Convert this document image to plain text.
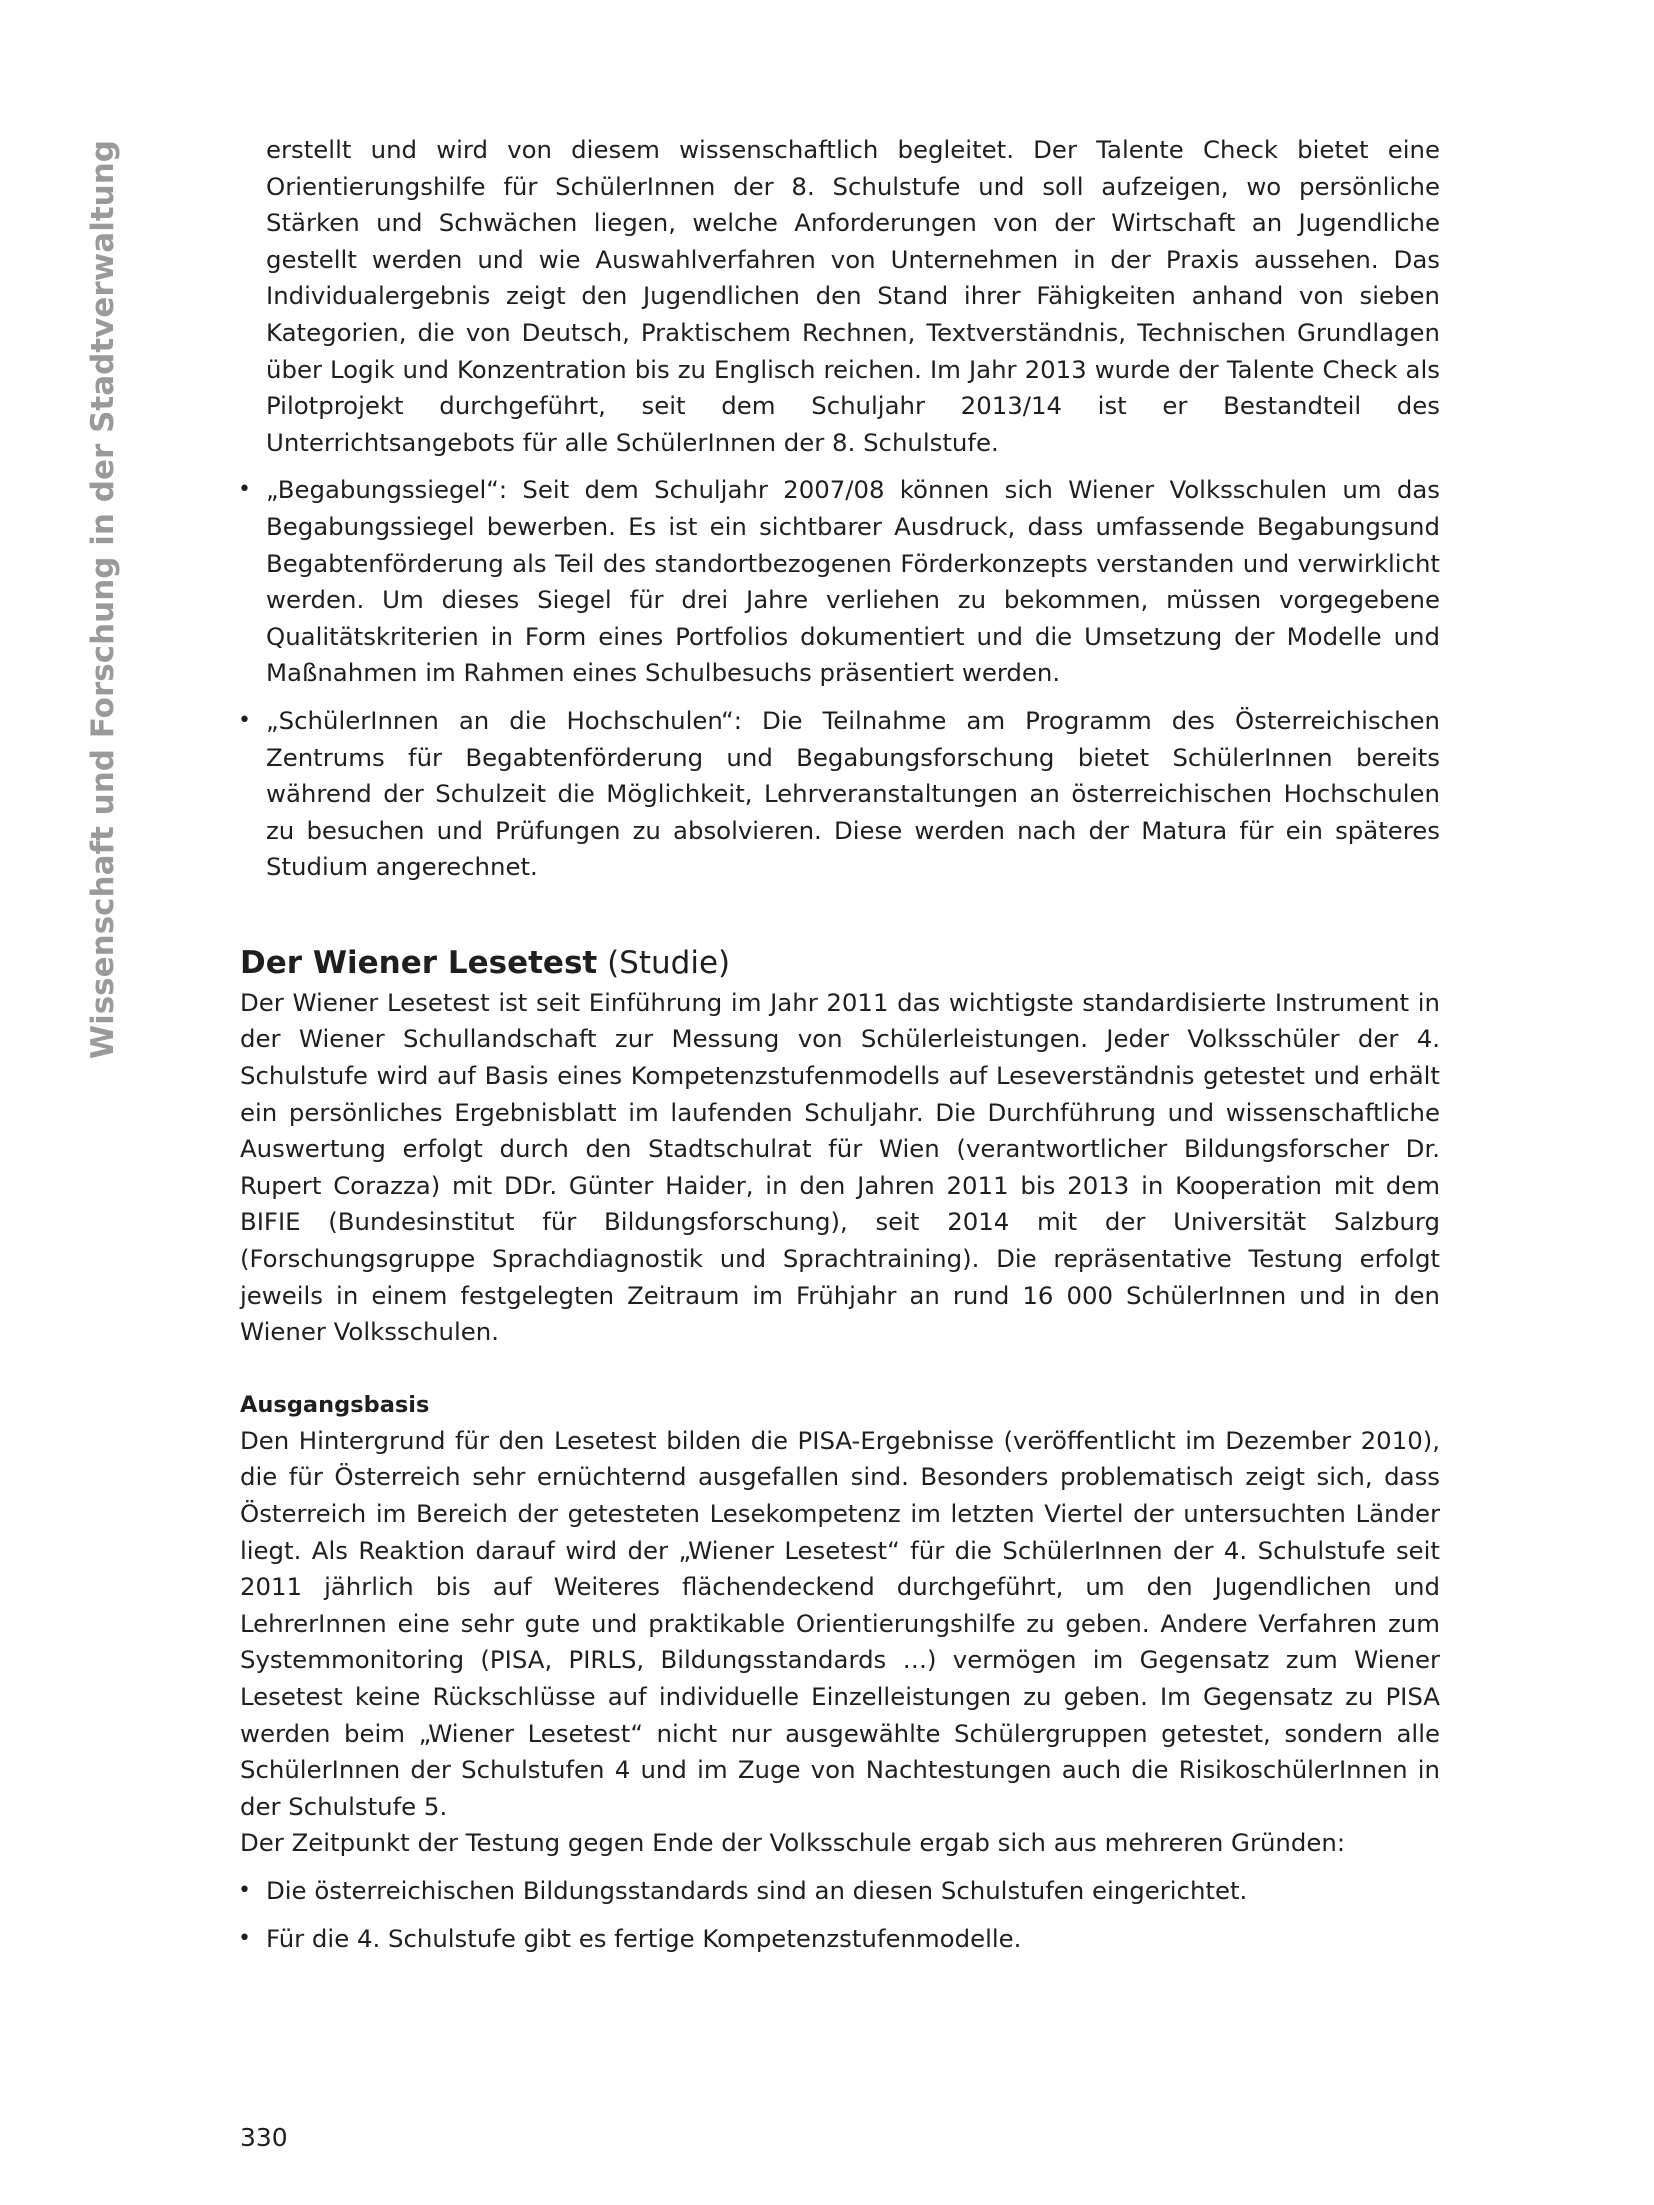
Wissenschaft und Forschung in der Stadtverwaltung	erstellt und wird von diesem wissenschaftlich begleitet. Der Talente Check bietet eine Orientierungshilfe für SchülerInnen der 8. Schulstufe und soll aufzeigen, wo persönliche Stärken und Schwächen liegen, welche Anforderungen von der Wirtschaft an Jugendliche gestellt werden und wie Auswahlverfahren von Unternehmen in der Praxis aussehen. Das Individualergebnis zeigt den Jugendlichen den Stand ihrer Fähigkeiten anhand von sieben Kategorien, die von Deutsch, Praktischem Rechnen, Textverständnis, Technischen Grundlagen über Logik und Konzentration bis zu Englisch reichen. Im Jahr 2013 wurde der Talente Check als Pilotprojekt durchgeführt, seit dem Schuljahr 2013/14 ist er Bestandteil des Unterrichtsangebots für alle SchülerInnen der 8. Schulstufe.

• „Begabungssiegel“: Seit dem Schuljahr 2007/08 können sich Wiener Volksschulen um das Begabungssiegel bewerben. Es ist ein sichtbarer Ausdruck, dass umfassende Begabungsund Begabtenförderung als Teil des standortbezogenen Förderkonzepts verstanden und verwirklicht werden. Um dieses Siegel für drei Jahre verliehen zu bekommen, müssen vorgegebene Qualitätskriterien in Form eines Portfolios dokumentiert und die Umsetzung der Modelle und Maßnahmen im Rahmen eines Schulbesuchs präsentiert werden.
• „SchülerInnen an die Hochschulen“: Die Teilnahme am Programm des Österreichischen Zentrums für Begabtenförderung und Begabungsforschung bietet SchülerInnen bereits während der Schulzeit die Möglichkeit, Lehrveranstaltungen an österreichischen Hochschulen zu besuchen und Prüfungen zu absolvieren. Diese werden nach der Matura für ein späteres Studium angerechnet.
Der Wiener Lesetest (Studie)

Der Wiener Lesetest ist seit Einführung im Jahr 2011 das wichtigste standardisierte Instrument in der Wiener Schullandschaft zur Messung von Schülerleistungen. Jeder Volksschüler der 4. Schulstufe wird auf Basis eines Kompetenzstufenmodells auf Leseverständnis getestet und erhält ein persönliches Ergebnisblatt im laufenden Schuljahr. Die Durchführung und wissenschaftliche Auswertung erfolgt durch den Stadtschulrat für Wien (verantwortlicher Bildungsforscher Dr. Rupert Corazza) mit DDr. Günter Haider, in den Jahren 2011 bis 2013 in Kooperation mit dem BIFIE (Bundesinstitut für Bildungsforschung), seit 2014 mit der Universität Salzburg (Forschungsgruppe Sprachdiagnostik und Sprachtraining). Die repräsentative Testung erfolgt jeweils in einem festgelegten Zeitraum im Frühjahr an rund 16 000 SchülerInnen und in den Wiener Volksschulen.

Ausgangsbasis

Den Hintergrund für den Lesetest bilden die PISA-Ergebnisse (veröffentlicht im Dezember 2010), die für Österreich sehr ernüchternd ausgefallen sind. Besonders problematisch zeigt sich, dass Österreich im Bereich der getesteten Lesekompetenz im letzten Viertel der untersuchten Länder liegt. Als Reaktion darauf wird der „Wiener Lesetest“ für die SchülerInnen der 4. Schulstufe seit 2011 jährlich bis auf Weiteres flächendeckend durchgeführt, um den Jugendlichen und LehrerInnen eine sehr gute und praktikable Orientierungshilfe zu geben. Andere Verfahren zum Systemmonitoring (PISA, PIRLS, Bildungsstandards …) vermögen im Gegensatz zum Wiener Lesetest keine Rückschlüsse auf individuelle Einzelleistungen zu geben. Im Gegensatz zu PISA werden beim „Wiener Lesetest“ nicht nur ausgewählte Schülergruppen getestet, sondern alle SchülerInnen der Schulstufen 4 und im Zuge von Nachtestungen auch die RisikoschülerInnen in der Schulstufe 5.

Der Zeitpunkt der Testung gegen Ende der Volksschule ergab sich aus mehreren Gründen:

• Die österreichischen Bildungsstandards sind an diesen Schulstufen eingerichtet.
• Für die 4. Schulstufe gibt es fertige Kompetenzstufenmodelle.
330
